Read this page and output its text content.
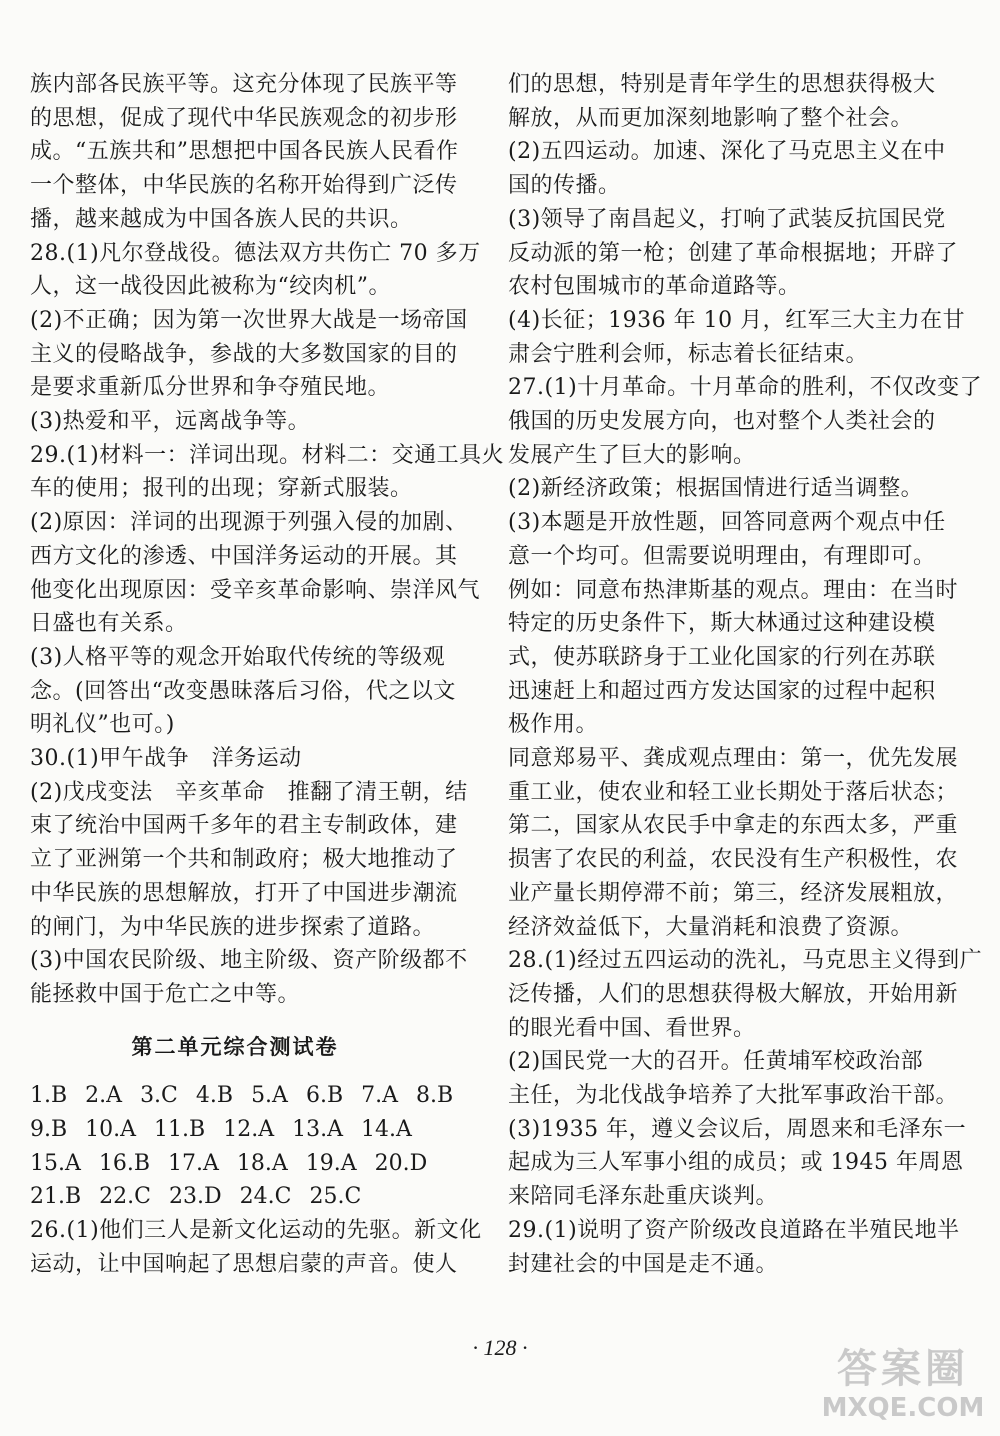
族内部各民族平等。这充分体现了民族平等
的思想，促成了现代中华民族观念的初步形
成。“五族共和”思想把中国各民族人民看作
一个整体，中华民族的名称开始得到广泛传
播，越来越成为中国各族人民的共识。
28.(1)凡尔登战役。德法双方共伤亡 70 多万
人，这一战役因此被称为“绞肉机”。
(2)不正确；因为第一次世界大战是一场帝国
主义的侵略战争，参战的大多数国家的目的
是要求重新瓜分世界和争夺殖民地。
(3)热爱和平，远离战争等。
29.(1)材料一：洋词出现。材料二：交通工具火
车的使用；报刊的出现；穿新式服装。
(2)原因：洋词的出现源于列强入侵的加剧、
西方文化的渗透、中国洋务运动的开展。其
他变化出现原因：受辛亥革命影响、崇洋风气
日盛也有关系。
(3)人格平等的观念开始取代传统的等级观
念。(回答出“改变愚昧落后习俗，代之以文
明礼仪”也可。)
30.(1)甲午战争　洋务运动
(2)戊戌变法　辛亥革命　推翻了清王朝，结
束了统治中国两千多年的君主专制政体，建
立了亚洲第一个共和制政府；极大地推动了
中华民族的思想解放，打开了中国进步潮流
的闸门，为中华民族的进步探索了道路。
(3)中国农民阶级、地主阶级、资产阶级都不
能拯救中国于危亡之中等。
第二单元综合测试卷
1.B 2.A 3.C 4.B 5.A 6.B 7.A 8.B
9.B 10.A 11.B 12.A 13.A 14.A
15.A 16.B 17.A 18.A 19.A 20.D
21.B 22.C 23.D 24.C 25.C
26.(1)他们三人是新文化运动的先驱。新文化
运动，让中国响起了思想启蒙的声音。使人
们的思想，特别是青年学生的思想获得极大
解放，从而更加深刻地影响了整个社会。
(2)五四运动。加速、深化了马克思主义在中
国的传播。
(3)领导了南昌起义，打响了武装反抗国民党
反动派的第一枪；创建了革命根据地；开辟了
农村包围城市的革命道路等。
(4)长征；1936 年 10 月，红军三大主力在甘
肃会宁胜利会师，标志着长征结束。
27.(1)十月革命。十月革命的胜利，不仅改变了
俄国的历史发展方向，也对整个人类社会的
发展产生了巨大的影响。
(2)新经济政策；根据国情进行适当调整。
(3)本题是开放性题，回答同意两个观点中任
意一个均可。但需要说明理由，有理即可。
例如：同意布热津斯基的观点。理由：在当时
特定的历史条件下，斯大林通过这种建设模
式，使苏联跻身于工业化国家的行列在苏联
迅速赶上和超过西方发达国家的过程中起积
极作用。
同意郑易平、龚成观点理由：第一，优先发展
重工业，使农业和轻工业长期处于落后状态；
第二，国家从农民手中拿走的东西太多，严重
损害了农民的利益，农民没有生产积极性，农
业产量长期停滞不前；第三，经济发展粗放，
经济效益低下，大量消耗和浪费了资源。
28.(1)经过五四运动的洗礼，马克思主义得到广
泛传播，人们的思想获得极大解放，开始用新
的眼光看中国、看世界。
(2)国民党一大的召开。任黄埔军校政治部
主任，为北伐战争培养了大批军事政治干部。
(3)1935 年，遵义会议后，周恩来和毛泽东一
起成为三人军事小组的成员；或 1945 年周恩
来陪同毛泽东赴重庆谈判。
29.(1)说明了资产阶级改良道路在半殖民地半
封建社会的中国是走不通。
· 128 ·	答案圈
MXQE.COM
